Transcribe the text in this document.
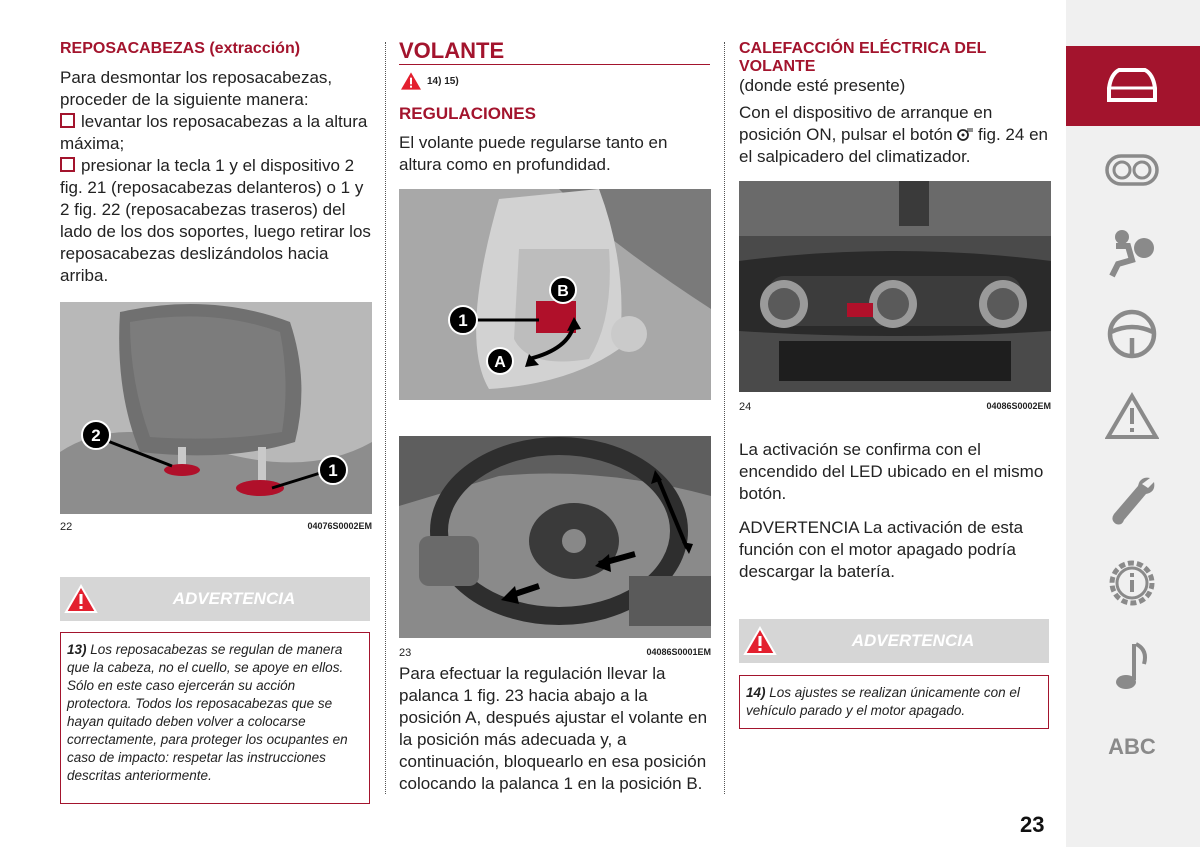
REPOSACABEZAS (extracción)
Para desmontar los reposacabezas, proceder de la siguiente manera:
levantar los reposacabezas a la altura máxima;
presionar la tecla 1 y el dispositivo 2 fig. 21 (reposacabezas delanteros) o 1 y 2 fig. 22 (reposacabezas traseros) del lado de los dos soportes, luego retirar los reposacabezas deslizándolos hacia arriba.
2
1
22	04076S0002EM
ADVERTENCIA
13) Los reposacabezas se regulan de manera que la cabeza, no el cuello, se apoye en ellos. Sólo en este caso ejercerán su acción protectora. Todos los reposacabezas que se hayan quitado deben volver a colocarse correctamente, para proteger los ocupantes en caso de impacto: respetar las instrucciones descritas anteriormente.
VOLANTE
14) 15)
REGULACIONES
El volante puede regularse tanto en altura como en profundidad.
1
B
A
23	04086S0001EM
Para efectuar la regulación llevar la palanca 1 fig. 23 hacia abajo a la posición A, después ajustar el volante en la posición más adecuada y, a continuación, bloquearlo en esa posición colocando la palanca 1 en la posición B.
CALEFACCIÓN ELÉCTRICA DEL VOLANTE
(donde esté presente)
Con el dispositivo de arranque en posición ON, pulsar el botón fig. 24 en el salpicadero del climatizador.
24	04086S0002EM
La activación se confirma con el encendido del LED ubicado en el mismo botón.
ADVERTENCIA La activación de esta función con el motor apagado podría descargar la batería.
ADVERTENCIA
14) Los ajustes se realizan únicamente con el vehículo parado y el motor apagado.
23
ABC
